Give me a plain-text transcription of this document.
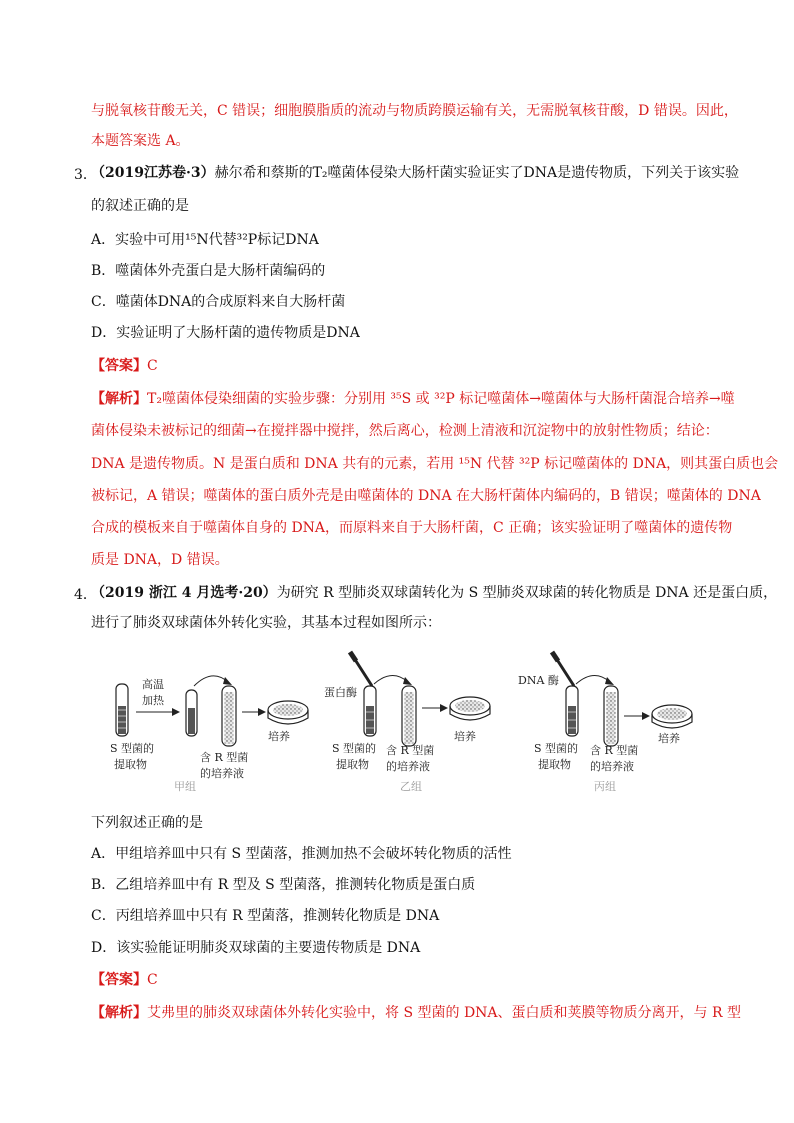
与脱氧核苷酸无关，C 错误；细胞膜脂质的流动与物质跨膜运输有关，无需脱氧核苷酸，D 错误。因此，
本题答案选 A。
3．
（2019江苏卷·3）赫尔希和蔡斯的T₂噬菌体侵染大肠杆菌实验证实了DNA是遗传物质，下列关于该实验
的叙述正确的是
A．实验中可用¹⁵N代替³²P标记DNA
B．噬菌体外壳蛋白是大肠杆菌编码的
C．噬菌体DNA的合成原料来自大肠杆菌
D．实验证明了大肠杆菌的遗传物质是DNA
【答案】C
【解析】T₂噬菌体侵染细菌的实验步骤：分别用 ³⁵S 或 ³²P 标记噬菌体→噬菌体与大肠杆菌混合培养→噬
菌体侵染未被标记的细菌→在搅拌器中搅拌，然后离心，检测上清液和沉淀物中的放射性物质；结论：
DNA 是遗传物质。N 是蛋白质和 DNA 共有的元素，若用 ¹⁵N 代替 ³²P 标记噬菌体的 DNA，则其蛋白质也会
被标记，A 错误；噬菌体的蛋白质外壳是由噬菌体的 DNA 在大肠杆菌体内编码的，B 错误；噬菌体的 DNA
合成的模板来自于噬菌体自身的 DNA，而原料来自于大肠杆菌，C 正确；该实验证明了噬菌体的遗传物
质是 DNA，D 错误。
4．
（2019 浙江 4 月选考·20）为研究 R 型肺炎双球菌转化为 S 型肺炎双球菌的转化物质是 DNA 还是蛋白质，
进行了肺炎双球菌体外转化实验，其基本过程如图所示：
高温
加热
培养
S 型菌的
提取物
含 R 型菌
的培养液
甲组
蛋白酶
培养
S 型菌的
提取物
含 R 型菌
的培养液
乙组
DNA 酶
培养
S 型菌的
提取物
含 R 型菌
的培养液
丙组
下列叙述正确的是
A．甲组培养皿中只有 S 型菌落，推测加热不会破坏转化物质的活性
B．乙组培养皿中有 R 型及 S 型菌落，推测转化物质是蛋白质
C．丙组培养皿中只有 R 型菌落，推测转化物质是 DNA
D．该实验能证明肺炎双球菌的主要遗传物质是 DNA
【答案】C
【解析】艾弗里的肺炎双球菌体外转化实验中，将 S 型菌的 DNA、蛋白质和荚膜等物质分离开，与 R 型
